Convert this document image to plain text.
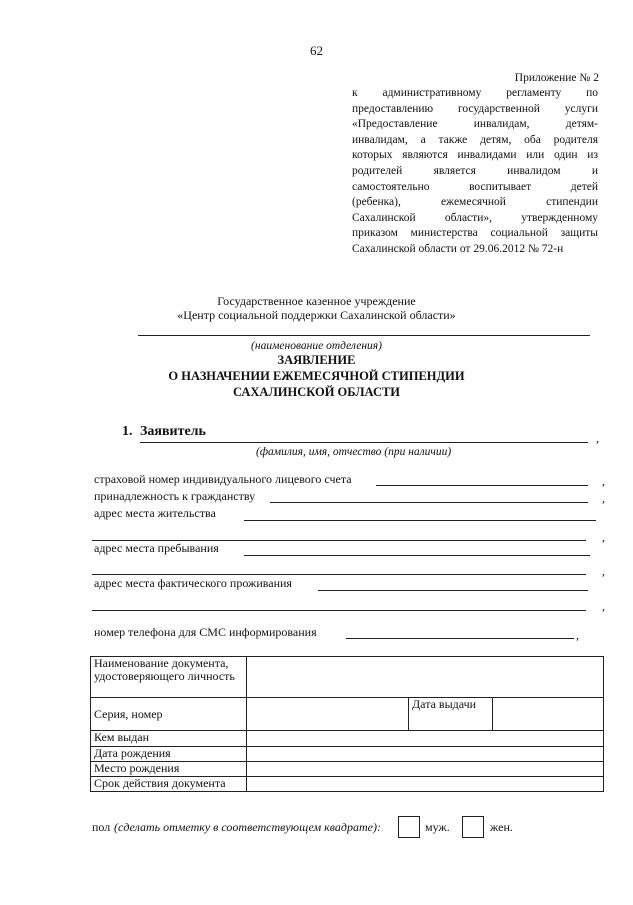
62
Приложение № 2
к административному регламенту по
предоставлению государственной услуги
«Предоставление инвалидам, детям-
инвалидам, а также детям, оба родителя
которых являются инвалидами или один из
родителей является инвалидом и
самостоятельно воспитывает детей
(ребенка), ежемесячной стипендии
Сахалинской области», утвержденному
приказом министерства социальной защиты
Сахалинской области от 29.06.2012 № 72-н
Государственное казенное учреждение
«Центр социальной поддержки Сахалинской области»
(наименование отделения)
ЗАЯВЛЕНИЕ
О НАЗНАЧЕНИИ ЕЖЕМЕСЯЧНОЙ СТИПЕНДИИ
САХАЛИНСКОЙ ОБЛАСТИ
1. Заявитель	,
(фамилия, имя, отчество (при наличии)
страховой номер индивидуального лицевого счета	,
принадлежность к гражданству	,
адрес места жительства
,
адрес места пребывания
,
адрес места фактического проживания
,
номер телефона для СМС информирования	,
Наименование документа, удостоверяющего личность			
Серия, номер		Дата выдачи	
Кем выдан			
Дата рождения			
Место рождения			
Срок действия документа			
пол (сделать отметку в соответствующем квадрате):	муж.	жен.
